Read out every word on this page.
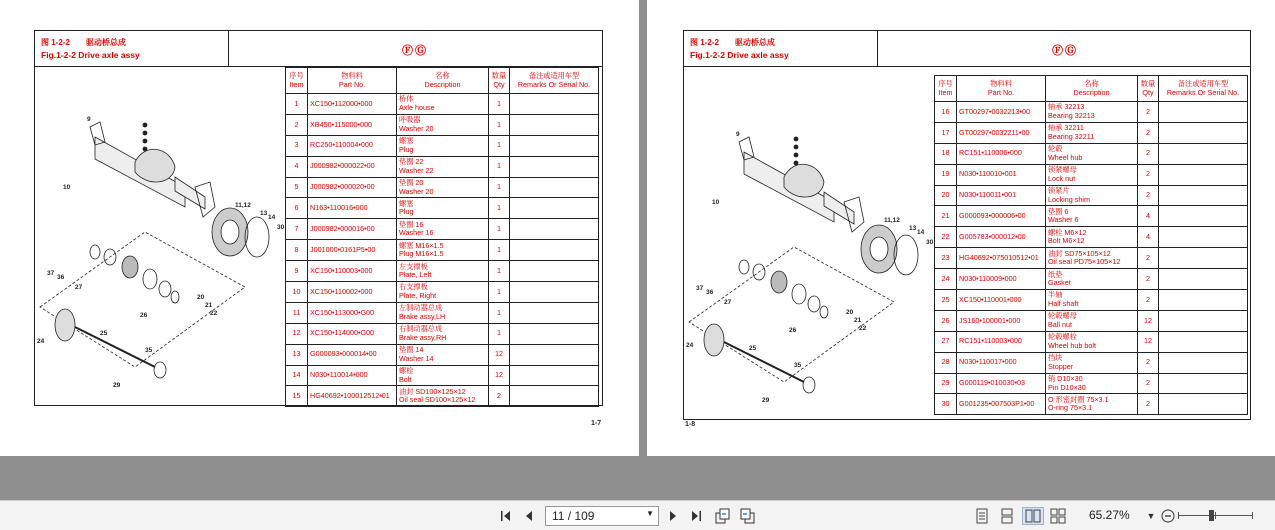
图 1-2-2　　驱动桥总成
Fig.1-2-2 Drive axle assy	ⒻⒼ
10
9
11,12
13
14
30
37
36
27
26
20
21
22
24
25
35
29
序号
Item	物料料
Part No.	名称
Description	数量
Qty	备注或适用车型
Remarks Or Serial No.

1	XC150•112000•000	桥体
Axle house	1	
2	XB450•115000•000	呼吸器
Washer 20	1	
3	RC250•110004•000	螺塞
Plug	1	
4	J000982•000022•00	垫圈 22
Washer 22	1	
5	J000982•000020•00	垫圈 20
Washer 20	1	
6	N163•110016•000	螺塞
Plug	1	
7	J000982•000016•00	垫圈 16
Washer 16	1	
8	J001000•0161P5•00	螺塞 M16×1.5
Plug M16×1.5	1	
9	XC150•110003•000	左支撑板
Plate, Left	1	
10	XC150•110002•000	右支撑板
Plate, Right	1	
11	XC150•113000•G00	左制动器总成
Brake assy,LH	1	
12	XC150•114000•G00	右制动器总成
Brake assy,RH	1	
13	G000093•000014•00	垫圈 14
Washer 14	12	
14	N030•110014•000	螺栓
Bolt	12	
15	HG40692•100012512•01	油封 SD100×125×12
Oil seal SD100×125×12	2	
1-7
图 1-2-2　　驱动桥总成
Fig.1-2-2 Drive axle assy	ⒻⒼ
10
9
11,12
13
14
30
37
36
27
26
20
21
22
24	25
35
29
序号
Item	物料料
Part No.	名称
Description	数量
Qty	备注或适用车型
Remarks Or Serial No.

16	GT00297•0032213•00	轴承 32213
Bearing 32213	2	
17	GT00297•0032211•00	轴承 32211
Bearing 32211	2	
18	RC151•110006•000	轮毂
Wheel hub	2	
19	N030•110010•001	锁紧螺母
Lock nut	2	
20	N030•110011•001	锁紧片
Locking shim	2	
21	G000093•000006•00	垫圈 6
Washer 6	4	
22	G005783•000012•00	螺栓 M6×12
Bolt M6×12	4	
23	HG40692•075010512•01	油封 SD75×105×12
Oil seal PD75×105×12	2	
24	N030•110009•000	纸垫
Gasket	2	
25	XC150•110001•000	半轴
Half shaft	2	
26	JS160•100001•000	轮毂螺母
Ball nut	12	
27	RC151•110003•000	轮毂螺栓
Wheel hub bolt	12	
28	N030•110017•000	挡块
Stopper	2	
29	G000119•010030•03	销 D10×30
Pin D10×30	2	
30	G001235•007503P1•00	O 形密封圈 75×3.1
O-ring 75×3.1	2	
1-8
11 / 109	▼	65.27% ▼
